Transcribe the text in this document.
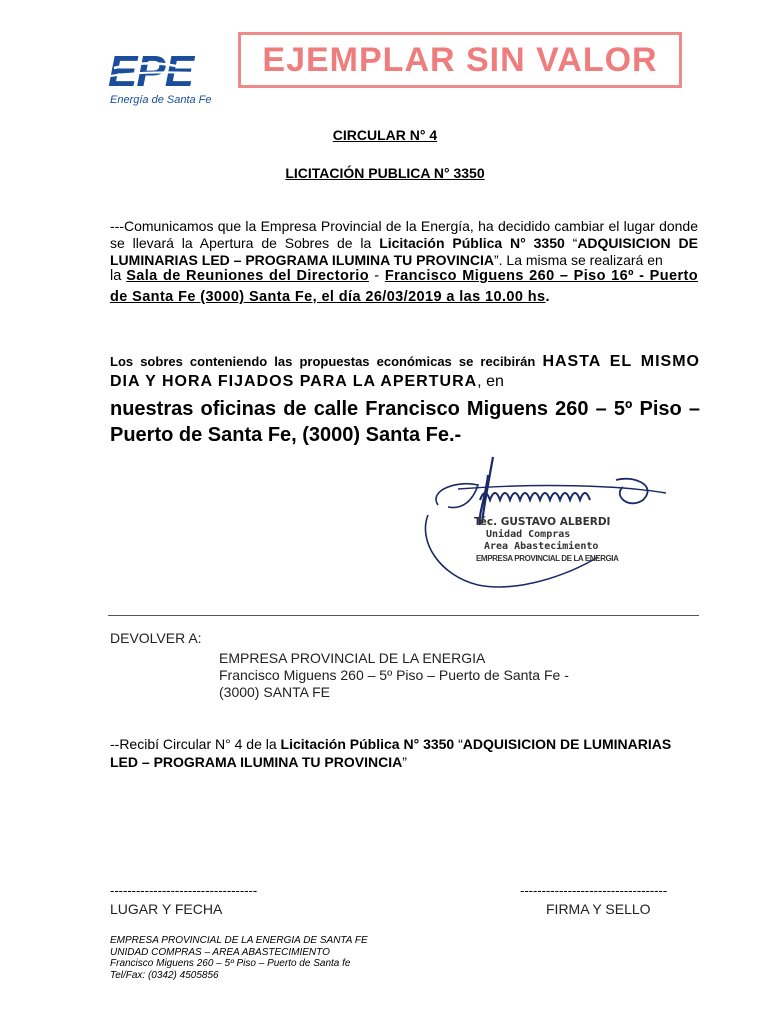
EPE
Energía de Santa Fe
EJEMPLAR SIN VALOR
CIRCULAR N° 4
LICITACIÓN PUBLICA N° 3350
---Comunicamos que la Empresa Provincial de la Energía, ha decidido cambiar el lugar donde se llevará la Apertura de Sobres de la Licitación Pública N° 3350 “ADQUISICION DE LUMINARIAS LED – PROGRAMA ILUMINA TU PROVINCIA”. La misma se realizará en
la Sala de Reuniones del Directorio - Francisco Miguens 260 – Piso 16º - Puerto de Santa Fe (3000) Santa Fe, el día 26/03/2019 a las 10.00 hs.
Los sobres conteniendo las propuestas económicas se recibirán HASTA EL MISMO DIA Y HORA FIJADOS PARA LA APERTURA, en
nuestras oficinas de calle Francisco Miguens 260 – 5º Piso – Puerto de Santa Fe, (3000) Santa Fe.-
Téc. GUSTAVO ALBERDI
Unidad Compras
Area Abastecimiento
EMPRESA PROVINCIAL DE LA ENERGIA
DEVOLVER A:
EMPRESA PROVINCIAL DE LA ENERGIA
Francisco Miguens 260 – 5º Piso – Puerto de Santa Fe -
(3000) SANTA FE
--Recibí Circular N° 4 de la Licitación Pública N° 3350 “ADQUISICION DE LUMINARIAS LED – PROGRAMA ILUMINA TU PROVINCIA”
----------------------------------	----------------------------------
LUGAR Y FECHA	FIRMA Y SELLO
EMPRESA PROVINCIAL DE LA ENERGIA DE SANTA FE
UNIDAD COMPRAS – AREA ABASTECIMIENTO
Francisco Miguens 260 – 5º Piso – Puerto de Santa fe
Tel/Fax: (0342) 4505856
